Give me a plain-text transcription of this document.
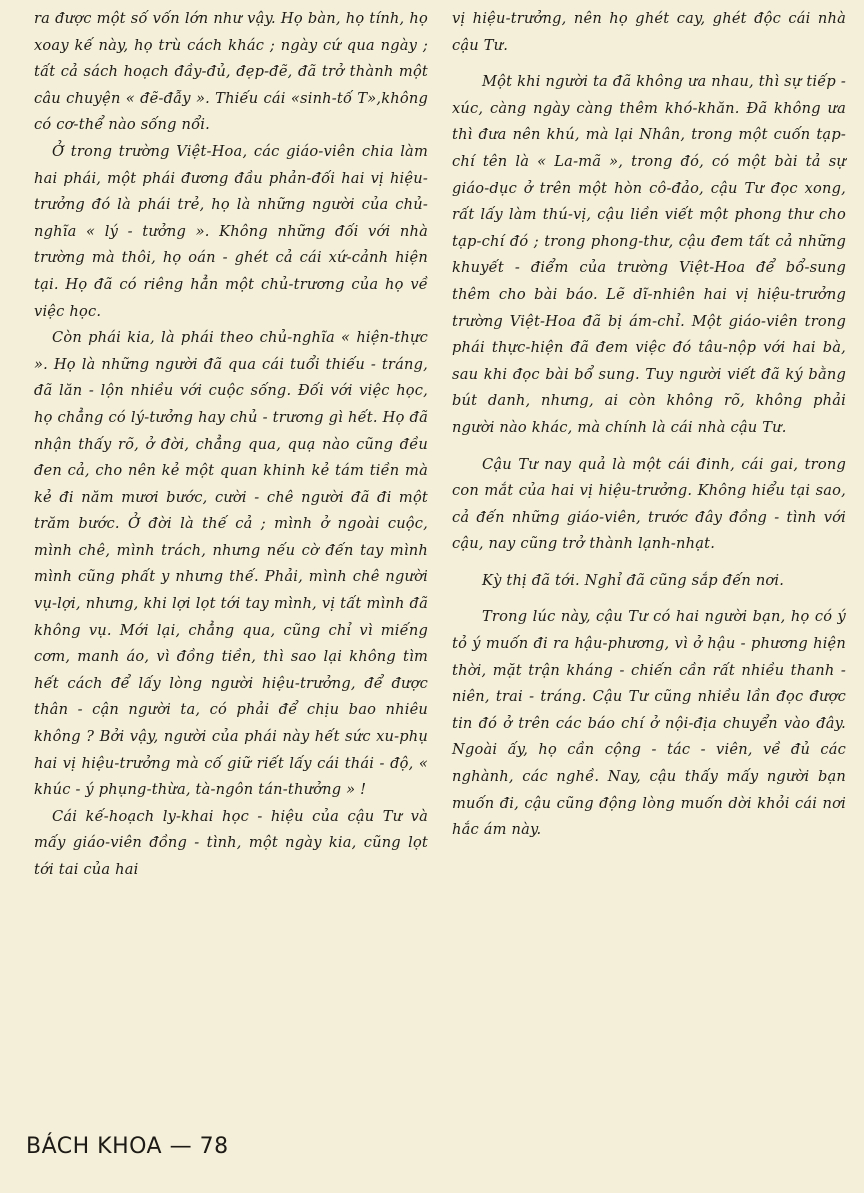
ra được một số vốn lớn như vậy. Họ bàn, họ tính, họ xoay kế này, họ trù cách khác ; ngày cứ qua ngày ; tất cả sách hoạch đầy-đủ, đẹp-đẽ, đã trở thành một câu chuyện « đẽ-đẫy ». Thiếu cái «sinh-tố T»,không có cơ-thể nào sống nổi.

Ở trong trường Việt-Hoa, các giáo-viên chia làm hai phái, một phái đương đầu phản-đối hai vị hiệu-trưởng đó là phái trẻ, họ là những người của chủ-nghĩa « lý - tưởng ». Không những đối với nhà trường mà thôi, họ oán - ghét cả cái xứ-cảnh hiện tại. Họ đã có riêng hẳn một chủ-trương của họ về việc học.

Còn phái kia, là phái theo chủ-nghĩa « hiện-thực ». Họ là những người đã qua cái tuổi thiếu - tráng, đã lăn - lộn nhiều với cuộc sống. Đối với việc học, họ chẳng có lý-tưởng hay chủ - trương gì hết. Họ đã nhận thấy rõ, ở đời, chẳng qua, quạ nào cũng đều đen cả, cho nên kẻ một quan khinh kẻ tám tiền mà kẻ đi năm mươi bước, cười - chê người đã đi một trăm bước. Ở đời là thế cả ; mình ở ngoài cuộc, mình chê, mình trách, nhưng nếu cờ đến tay mình mình cũng phất y nhưng thế. Phải, mình chê người vụ-lợi, nhưng, khi lợi lọt tới tay mình, vị tất mình đã không vụ. Mới lại, chẳng qua, cũng chỉ vì miếng cơm, manh áo, vì đồng tiền, thì sao lại không tìm hết cách để lấy lòng người hiệu-trưởng, để được thân - cận người ta, có phải để chịu bao nhiêu không ? Bởi vậy, người của phái này hết sức xu-phụ hai vị hiệu-trưởng mà cố giữ riết lấy cái thái - độ, « khúc - ý phụng-thừa, tà-ngôn tán-thưởng » !

Cái kế-hoạch ly-khai học - hiệu của cậu Tư và mấy giáo-viên đồng - tình, một ngày kia, cũng lọt tới tai của hai

vị hiệu-trưởng, nên họ ghét cay, ghét độc cái nhà cậu Tư.

Một khi người ta đã không ưa nhau, thì sự tiếp - xúc, càng ngày càng thêm khó-khăn. Đã không ưa thì đưa nên khú, mà lại Nhân, trong một cuốn tạp-chí tên là « La-mã », trong đó, có một bài tả sự giáo-dục ở trên một hòn cô-đảo, cậu Tư đọc xong, rất lấy làm thú-vị, cậu liền viết một phong thư cho tạp-chí đó ; trong phong-thư, cậu đem tất cả những khuyết - điểm của trường Việt-Hoa để bổ-sung thêm cho bài báo. Lẽ dĩ-nhiên hai vị hiệu-trưởng trường Việt-Hoa đã bị ám-chỉ. Một giáo-viên trong phái thực-hiện đã đem việc đó tâu-nộp với hai bà, sau khi đọc bài bổ sung. Tuy người viết đã ký bằng bút danh, nhưng, ai còn không rõ, không phải người nào khác, mà chính là cái nhà cậu Tư.

Cậu Tư nay quả là một cái đinh, cái gai, trong con mắt của hai vị hiệu-trưởng. Không hiểu tại sao, cả đến những giáo-viên, trước đây đồng - tình với cậu, nay cũng trở thành lạnh-nhạt.

Kỳ thị đã tới. Nghỉ đã cũng sắp đến nơi.

Trong lúc này, cậu Tư có hai người bạn, họ có ý tỏ ý muốn đi ra hậu-phương, vì ở hậu - phương hiện thời, mặt trận kháng - chiến cần rất nhiều thanh - niên, trai - tráng. Cậu Tư cũng nhiều lần đọc được tin đó ở trên các báo chí ở nội-địa chuyển vào đây. Ngoài ấy, họ cần cộng - tác - viên, về đủ các nghành, các nghề. Nay, cậu thấy mấy người bạn muốn đi, cậu cũng động lòng muốn dời khỏi cái nơi hắc ám này.

BÁCH KHOA — 78
